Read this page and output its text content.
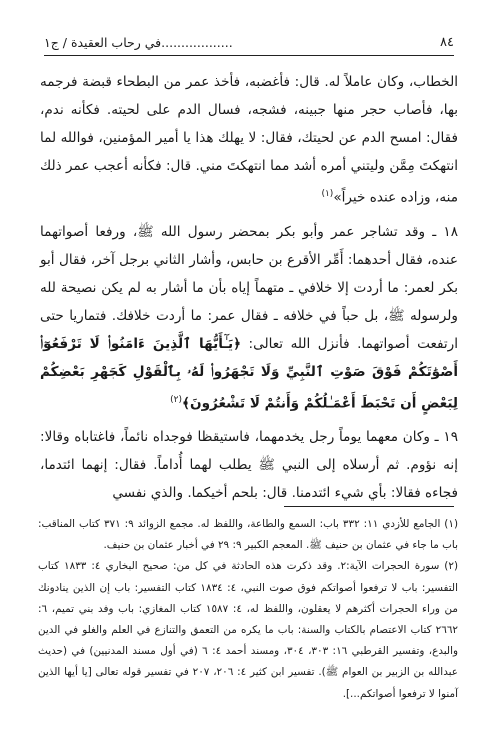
٨٤
..................في رحاب العقيدة / ج١

الخطاب، وكان عاملاً له. قال: فأغضبه، فأخذ عمر من البطحاء قبضة فرجمه بها، فأصاب حجر منها جبينه، فشجه، فسال الدم على لحيته. فكأنه ندم، فقال: امسح الدم عن لحيتك، فقال: لا يهلك هذا يا أمير المؤمنين، فوالله لما انتهكتَ مِمَّن وليتني أمره أشد مما انتهكتَ مني. قال: فكأنه أعجب عمر ذلك منه، وزاده عنده خيراً»$^{(١)}$

١٨ ـ وقد تشاجر عمر وأبو بكر بمحضر رسول الله ﷺ، ورفعا أصواتهما عنده، فقال أحدهما: أَمِّر الأقرع بن حابس، وأشار الثاني برجل آخر، فقال أبو بكر لعمر: ما أردت إلا خلافي ـ متهماً إياه بأن ما أشار به لم يكن نصيحة لله ولرسوله ﷺ، بل حباً في خلافه ـ فقال عمر: ما أردت خلافك. فتماريا حتى ارتفعت أصواتهما. فأنزل الله تعالى: ﴿يَـٰٓأَيُّهَا ٱلَّذِينَ ءَامَنُوا۟ لَا تَرْفَعُوٓا۟ أَصْوَٰتَكُمْ فَوْقَ صَوْتِ ٱلنَّبِيِّ وَلَا تَجْهَرُوا۟ لَهُۥ بِٱلْقَوْلِ كَجَهْرِ بَعْضِكُمْ لِبَعْضٍ أَن تَحْبَطَ أَعْمَـٰلُكُمْ وَأَنتُمْ لَا تَشْعُرُونَ﴾$^{(٢)}$

١٩ ـ وكان معهما يوماً رجل يخدمهما، فاستيقظا فوجداه نائماً، فاغتاباه وقالا: إنه نؤوم. ثم أرسلاه إلى النبي ﷺ يطلب لهما أُداماً. فقال: إنهما ائتدما، فجاءه فقالا: بأي شيء ائتدمنا. قال: بلحم أخيكما. والذي نفسي

(١) الجامع للأزدي ١١: ٣٣٢ باب: السمع والطاعة، واللفظ له. مجمع الزوائد ٩: ٣٧١ كتاب المناقب: باب ما جاء في عثمان بن حنيف ﷺ. المعجم الكبير ٩: ٢٩ في أخبار عثمان بن حنيف.

(٢) سورة الحجرات الآية:٢. وقد ذكرت هذه الحادثة في كل من: صحيح البخاري ٤: ١٨٣٣ كتاب التفسير: باب لا ترفعوا أصواتكم فوق صوت النبي، ٤: ١٨٣٤ كتاب التفسير: باب إن الذين ينادونك من وراء الحجرات أكثرهم لا يعقلون، واللفظ له، ٤: ١٥٨٧ كتاب المغازي: باب وفد بني تميم، ٦: ٢٦٦٢ كتاب الاعتصام بالكتاب والسنة: باب ما يكره من التعمق والتنازع في العلم والغلو في الدين والبدع، وتفسير القرطبي ١٦: ٣٠٣، ٣٠٤، ومسند أحمد ٤: ٦ (في أول مسند المدنيين) في (حديث عبدالله بن الزبير بن العوام ﷺ). تفسير ابن كثير ٤: ٢٠٦، ٢٠٧ في تفسير قوله تعالى [يا أيها الذين آمنوا لا ترفعوا أصواتكم...].
